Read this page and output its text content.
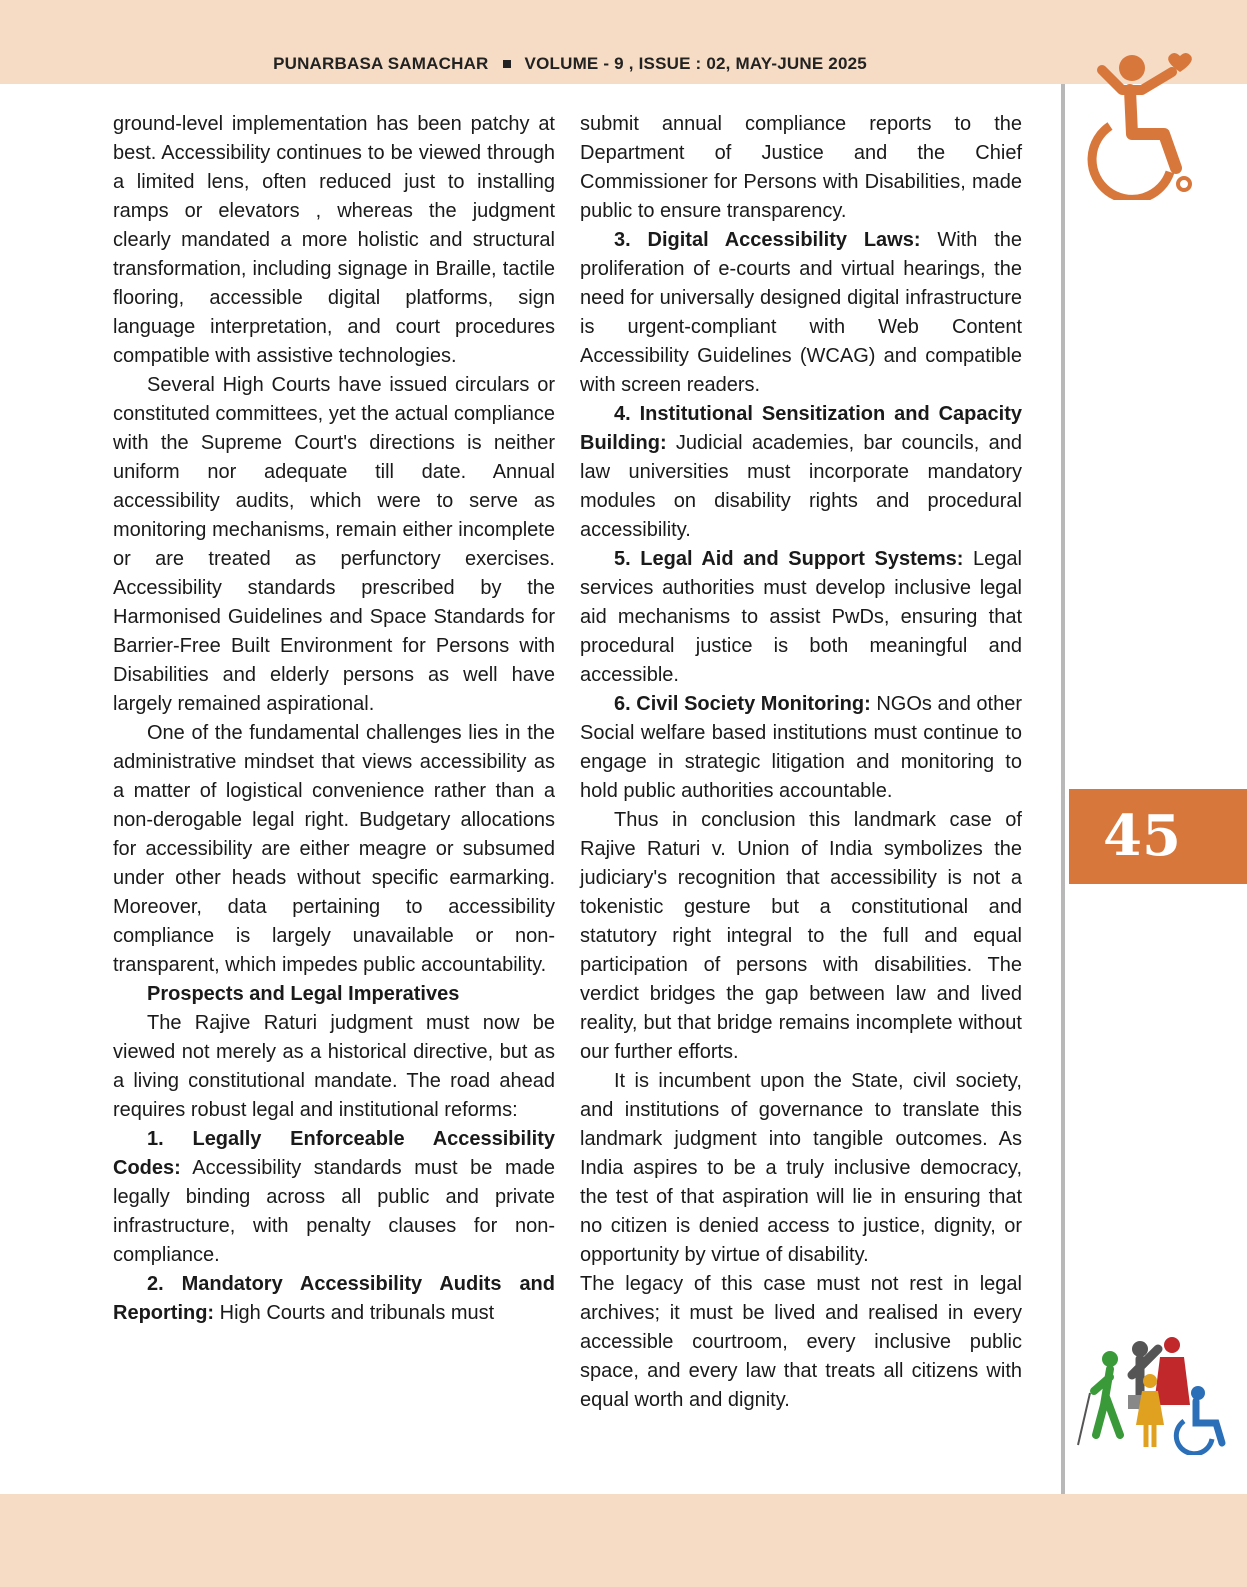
PUNARBASA SAMACHAR VOLUME - 9 , ISSUE : 02, MAY-JUNE 2025
45

ground-level implementation has been patchy at best. Accessibility continues to be viewed through a limited lens, often reduced just to installing ramps or elevators , whereas the judgment clearly mandated a more holistic and structural transformation, including signage in Braille, tactile flooring, accessible digital platforms, sign language interpretation, and court procedures compatible with assistive technologies.

Several High Courts have issued circulars or constituted committees, yet the actual compliance with the Supreme Court's directions is neither uniform nor adequate till date. Annual accessibility audits, which were to serve as monitoring mechanisms, remain either incomplete or are treated as perfunctory exercises. Accessibility standards prescribed by the Harmonised Guidelines and Space Standards for Barrier-Free Built Environment for Persons with Disabilities and elderly persons as well have largely remained aspirational.

One of the fundamental challenges lies in the administrative mindset that views accessibility as a matter of logistical convenience rather than a non-derogable legal right. Budgetary allocations for accessibility are either meagre or subsumed under other heads without specific earmarking. Moreover, data pertaining to accessibility compliance is largely unavailable or non-transparent, which impedes public accountability.

Prospects and Legal Imperatives

The Rajive Raturi judgment must now be viewed not merely as a historical directive, but as a living constitutional mandate. The road ahead requires robust legal and institutional reforms:

1. Legally Enforceable Accessibility Codes: Accessibility standards must be made legally binding across all public and private infrastructure, with penalty clauses for non-compliance.

2. Mandatory Accessibility Audits and Reporting: High Courts and tribunals must

submit annual compliance reports to the Department of Justice and the Chief Commissioner for Persons with Disabilities, made public to ensure transparency.

3. Digital Accessibility Laws: With the proliferation of e-courts and virtual hearings, the need for universally designed digital infrastructure is urgent-compliant with Web Content Accessibility Guidelines (WCAG) and compatible with screen readers.

4. Institutional Sensitization and Capacity Building: Judicial academies, bar councils, and law universities must incorporate mandatory modules on disability rights and procedural accessibility.

5. Legal Aid and Support Systems: Legal services authorities must develop inclusive legal aid mechanisms to assist PwDs, ensuring that procedural justice is both meaningful and accessible.

6. Civil Society Monitoring: NGOs and other Social welfare based institutions must continue to engage in strategic litigation and monitoring to hold public authorities accountable.

Thus in conclusion this landmark case of Rajive Raturi v. Union of India symbolizes the judiciary's recognition that accessibility is not a tokenistic gesture but a constitutional and statutory right integral to the full and equal participation of persons with disabilities. The verdict bridges the gap between law and lived reality, but that bridge remains incomplete without our further efforts.

It is incumbent upon the State, civil society, and institutions of governance to translate this landmark judgment into tangible outcomes. As India aspires to be a truly inclusive democracy, the test of that aspiration will lie in ensuring that no citizen is denied access to justice, dignity, or opportunity by virtue of disability.

The legacy of this case must not rest in legal archives; it must be lived and realised in every accessible courtroom, every inclusive public space, and every law that treats all citizens with equal worth and dignity.
